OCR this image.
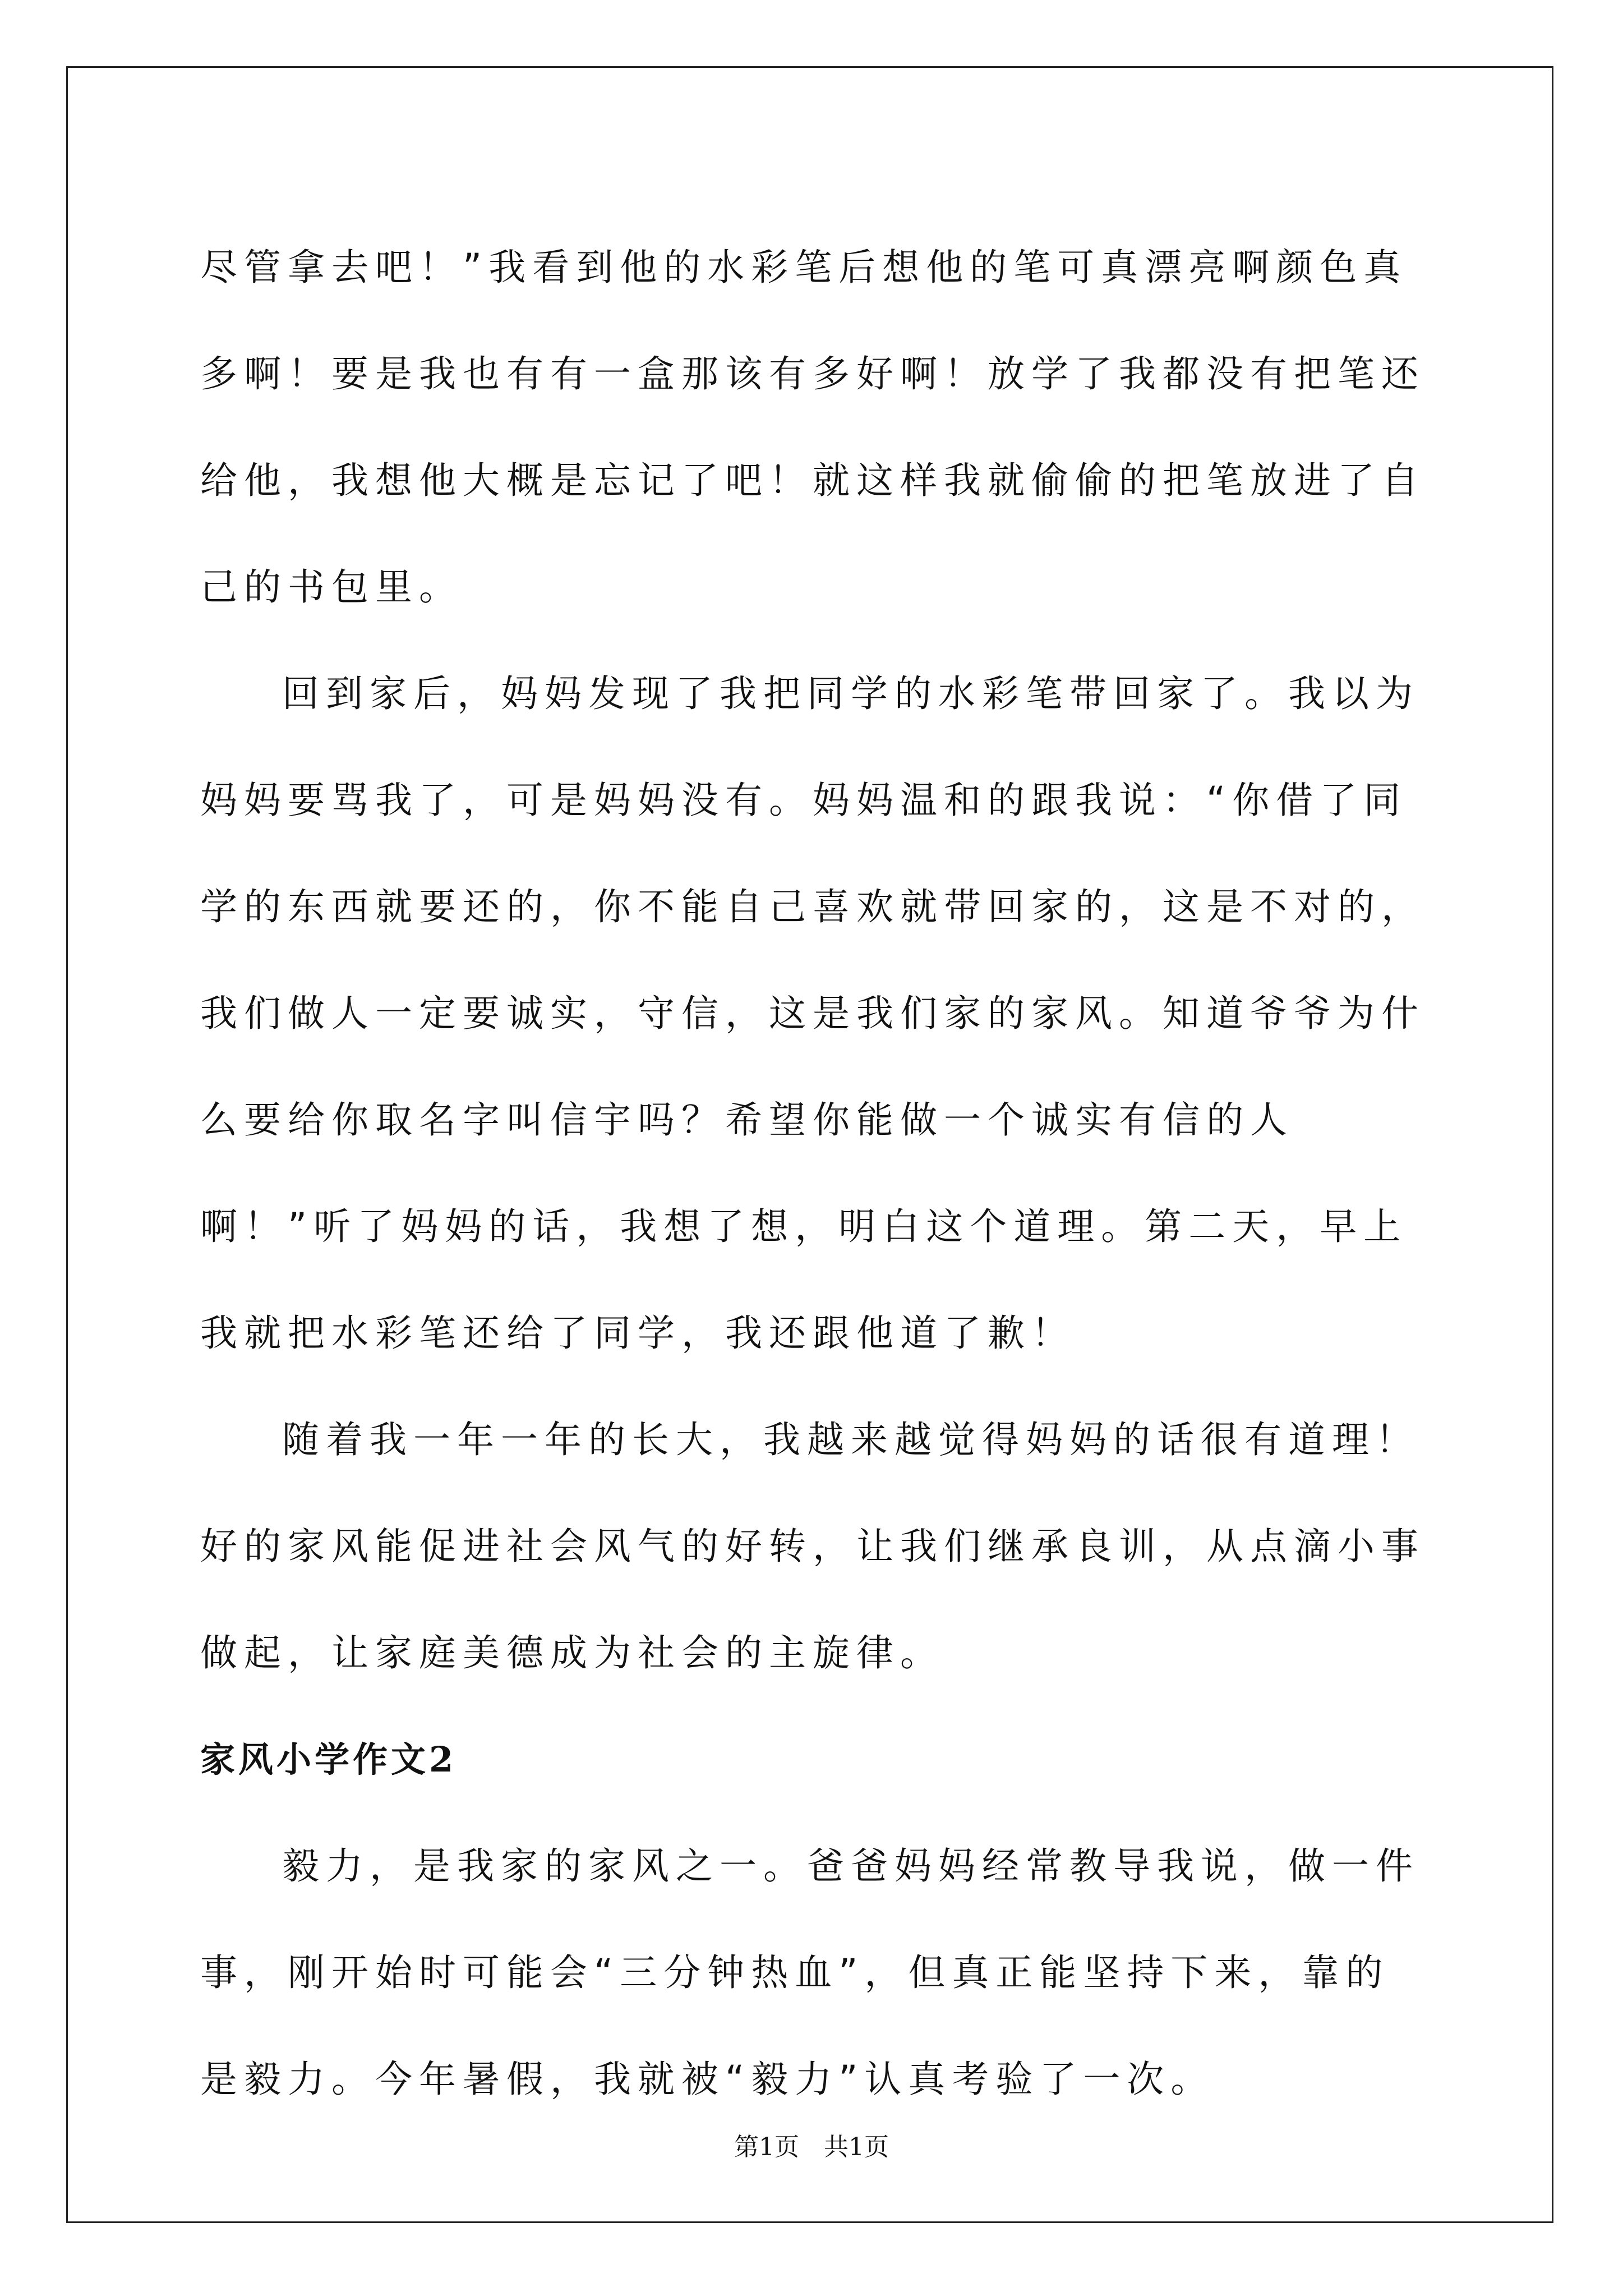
尽管拿去吧！”我看到他的水彩笔后想他的笔可真漂亮啊颜色真多啊！要是我也有有一盒那该有多好啊！放学了我都没有把笔还给他，我想他大概是忘记了吧！就这样我就偷偷的把笔放进了自己的书包里。

回到家后，妈妈发现了我把同学的水彩笔带回家了。我以为妈妈要骂我了，可是妈妈没有。妈妈温和的跟我说：“你借了同学的东西就要还的，你不能自己喜欢就带回家的，这是不对的，我们做人一定要诚实，守信，这是我们家的家风。知道爷爷为什么要给你取名字叫信宇吗？希望你能做一个诚实有信的人啊！”听了妈妈的话，我想了想，明白这个道理。第二天，早上我就把水彩笔还给了同学，我还跟他道了歉！

随着我一年一年的长大，我越来越觉得妈妈的话很有道理！好的家风能促进社会风气的好转，让我们继承良训，从点滴小事做起，让家庭美德成为社会的主旋律。

家风小学作文2

毅力，是我家的家风之一。爸爸妈妈经常教导我说，做一件事，刚开始时可能会“三分钟热血”，但真正能坚持下来，靠的是毅力。今年暑假，我就被“毅力”认真考验了一次。

第1页 共1页
